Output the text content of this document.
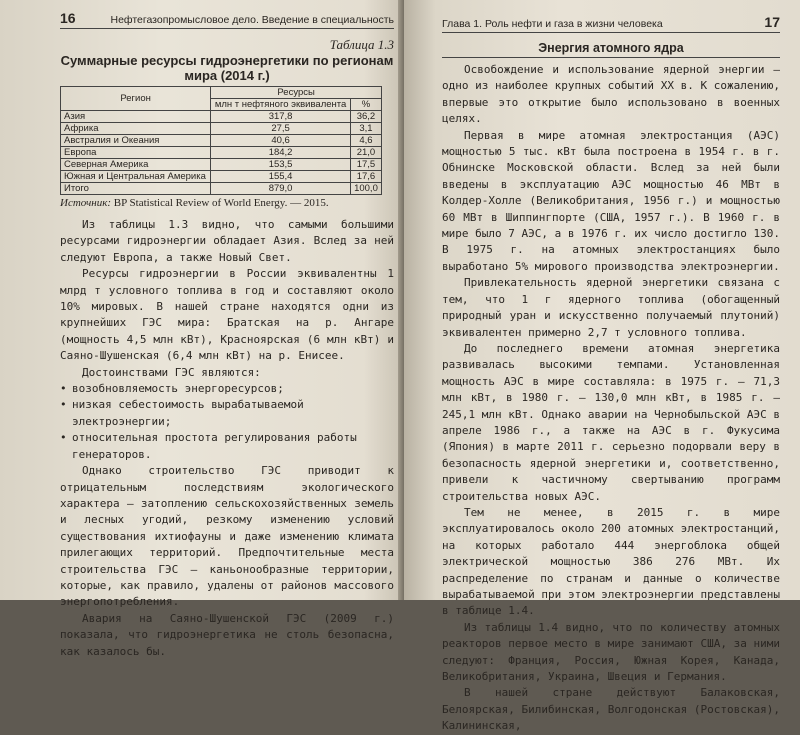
16	Нефтегазопромысловое дело. Введение в специальность
Таблица 1.3
Суммарные ресурсы гидроэнергетики по регионам мира (2014 г.)
Регион	Ресурсы	
	млн т нефтяного эквивалента	%
Азия	317,8	36,2
Африка	27,5	3,1
Австралия и Океания	40,6	4,6
Европа	184,2	21,0
Северная Америка	153,5	17,5
Южная и Центральная Америка	155,4	17,6
Итого	879,0	100,0
Источник: BP Statistical Review of World Energy. — 2015.

Из таблицы 1.3 видно, что самыми большими ресурсами гидроэнергии обладает Азия. Вслед за ней следуют Европа, а также Новый Свет.

Ресурсы гидроэнергии в России эквивалентны 1 млрд т условного топлива в год и составляют около 10% мировых. В нашей стране находятся одни из крупнейших ГЭС мира: Братская на р. Ангаре (мощность 4,5 млн кВт), Красноярская (6 млн кВт) и Саяно-Шушенская (6,4 млн кВт) на р. Енисее.

Достоинствами ГЭС являются:

• возобновляемость энергоресурсов;
• низкая себестоимость вырабатываемой электроэнергии;
• относительная простота регулирования работы генераторов.

Однако строительство ГЭС приводит к отрицательным последствиям экологического характера — затоплению сельскохозяйственных земель и лесных угодий, резкому изменению условий существования ихтиофауны и даже изменению климата прилегающих территорий. Предпочтительные места строительства ГЭС — каньонообразные территории, которые, как правило, удалены от районов массового энергопотребления.

Авария на Саяно-Шушенской ГЭС (2009 г.) показала, что гидроэнергетика не столь безопасна, как казалось бы.

Глава 1. Роль нефти и газа в жизни человека	17
Энергия атомного ядра

Освобождение и использование ядерной энергии — одно из наиболее крупных событий XX в. К сожалению, впервые это открытие было использовано в военных целях.

Первая в мире атомная электростанция (АЭС) мощностью 5 тыс. кВт была построена в 1954 г. в г. Обнинске Московской области. Вслед за ней были введены в эксплуатацию АЭС мощностью 46 МВт в Колдер-Холле (Великобритания, 1956 г.) и мощностью 60 МВт в Шиппингпорте (США, 1957 г.). В 1960 г. в мире было 7 АЭС, а в 1976 г. их число достигло 130. В 1975 г. на атомных электростанциях было выработано 5% мирового производства электроэнергии.

Привлекательность ядерной энергетики связана с тем, что 1 г ядерного топлива (обогащенный природный уран и искусственно получаемый плутоний) эквивалентен примерно 2,7 т условного топлива.

До последнего времени атомная энергетика развивалась высокими темпами. Установленная мощность АЭС в мире составляла: в 1975 г. — 71,3 млн кВт, в 1980 г. — 130,0 млн кВт, в 1985 г. — 245,1 млн кВт. Однако аварии на Чернобыльской АЭС в апреле 1986 г., а также на АЭС в г. Фукусима (Япония) в марте 2011 г. серьезно подорвали веру в безопасность ядерной энергетики и, соответственно, привели к частичному свертыванию программ строительства новых АЭС.

Тем не менее, в 2015 г. в мире эксплуатировалось около 200 атомных электростанций, на которых работало 444 энергоблока общей электрической мощностью 386 276 МВт. Их распределение по странам и данные о количестве вырабатываемой при этом электроэнергии представлены в таблице 1.4.

Из таблицы 1.4 видно, что по количеству атомных реакторов первое место в мире занимают США, за ними следуют: Франция, Россия, Южная Корея, Канада, Великобритания, Украина, Швеция и Германия.

В нашей стране действуют Балаковская, Белоярская, Билибинская, Волгодонская (Ростовская), Калининская,
